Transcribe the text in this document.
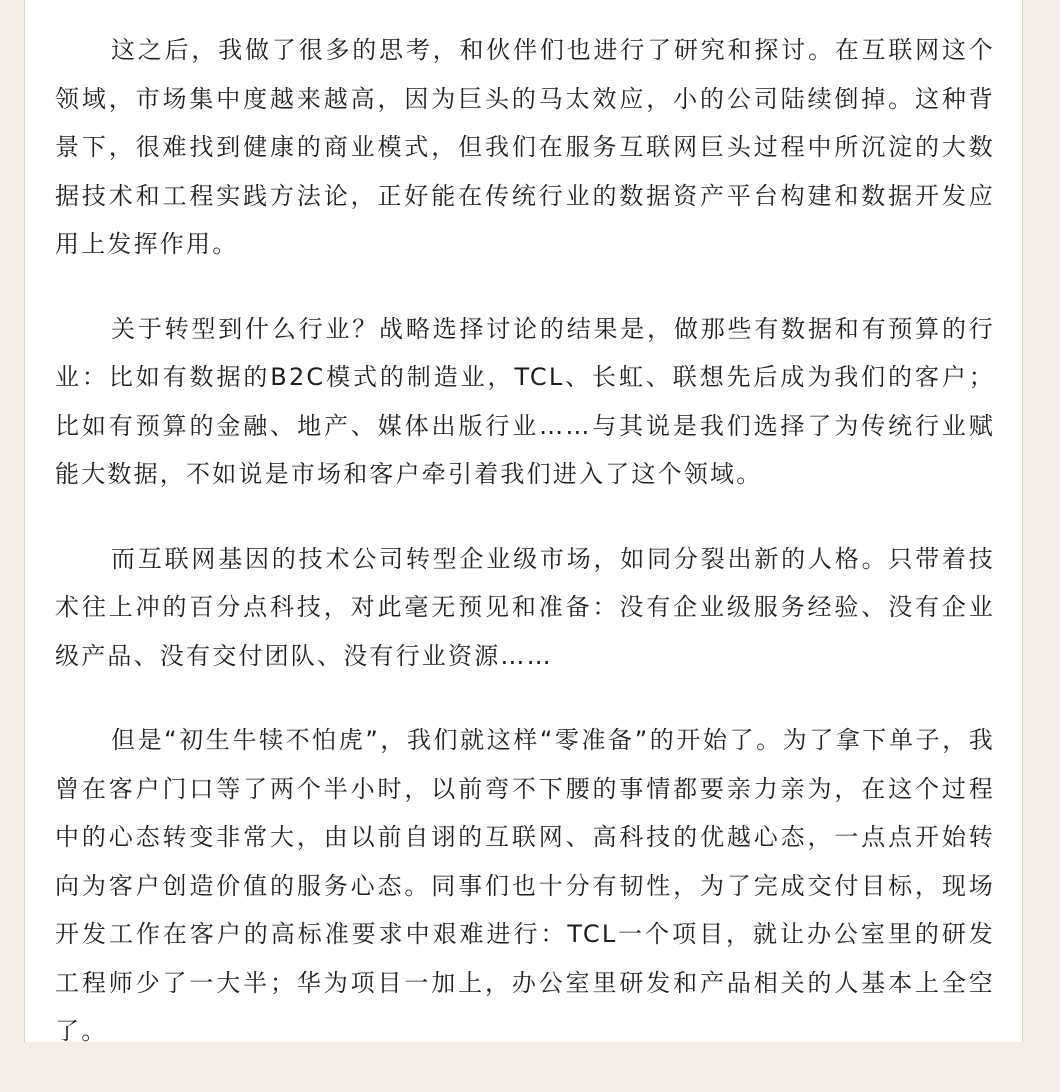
这之后，我做了很多的思考，和伙伴们也进行了研究和探讨。在互联网这个领域，市场集中度越来越高，因为巨头的马太效应，小的公司陆续倒掉。这种背景下，很难找到健康的商业模式，但我们在服务互联网巨头过程中所沉淀的大数据技术和工程实践方法论，正好能在传统行业的数据资产平台构建和数据开发应用上发挥作用。

关于转型到什么行业？战略选择讨论的结果是，做那些有数据和有预算的行业：比如有数据的B2C模式的制造业，TCL、长虹、联想先后成为我们的客户；比如有预算的金融、地产、媒体出版行业……与其说是我们选择了为传统行业赋能大数据，不如说是市场和客户牵引着我们进入了这个领域。

而互联网基因的技术公司转型企业级市场，如同分裂出新的人格。只带着技术往上冲的百分点科技，对此毫无预见和准备：没有企业级服务经验、没有企业级产品、没有交付团队、没有行业资源……

但是“初生牛犊不怕虎”，我们就这样“零准备”的开始了。为了拿下单子，我曾在客户门口等了两个半小时，以前弯不下腰的事情都要亲力亲为，在这个过程中的心态转变非常大，由以前自诩的互联网、高科技的优越心态，一点点开始转向为客户创造价值的服务心态。同事们也十分有韧性，为了完成交付目标，现场开发工作在客户的高标准要求中艰难进行：TCL一个项目，就让办公室里的研发工程师少了一大半；华为项目一加上，办公室里研发和产品相关的人基本上全空了。
